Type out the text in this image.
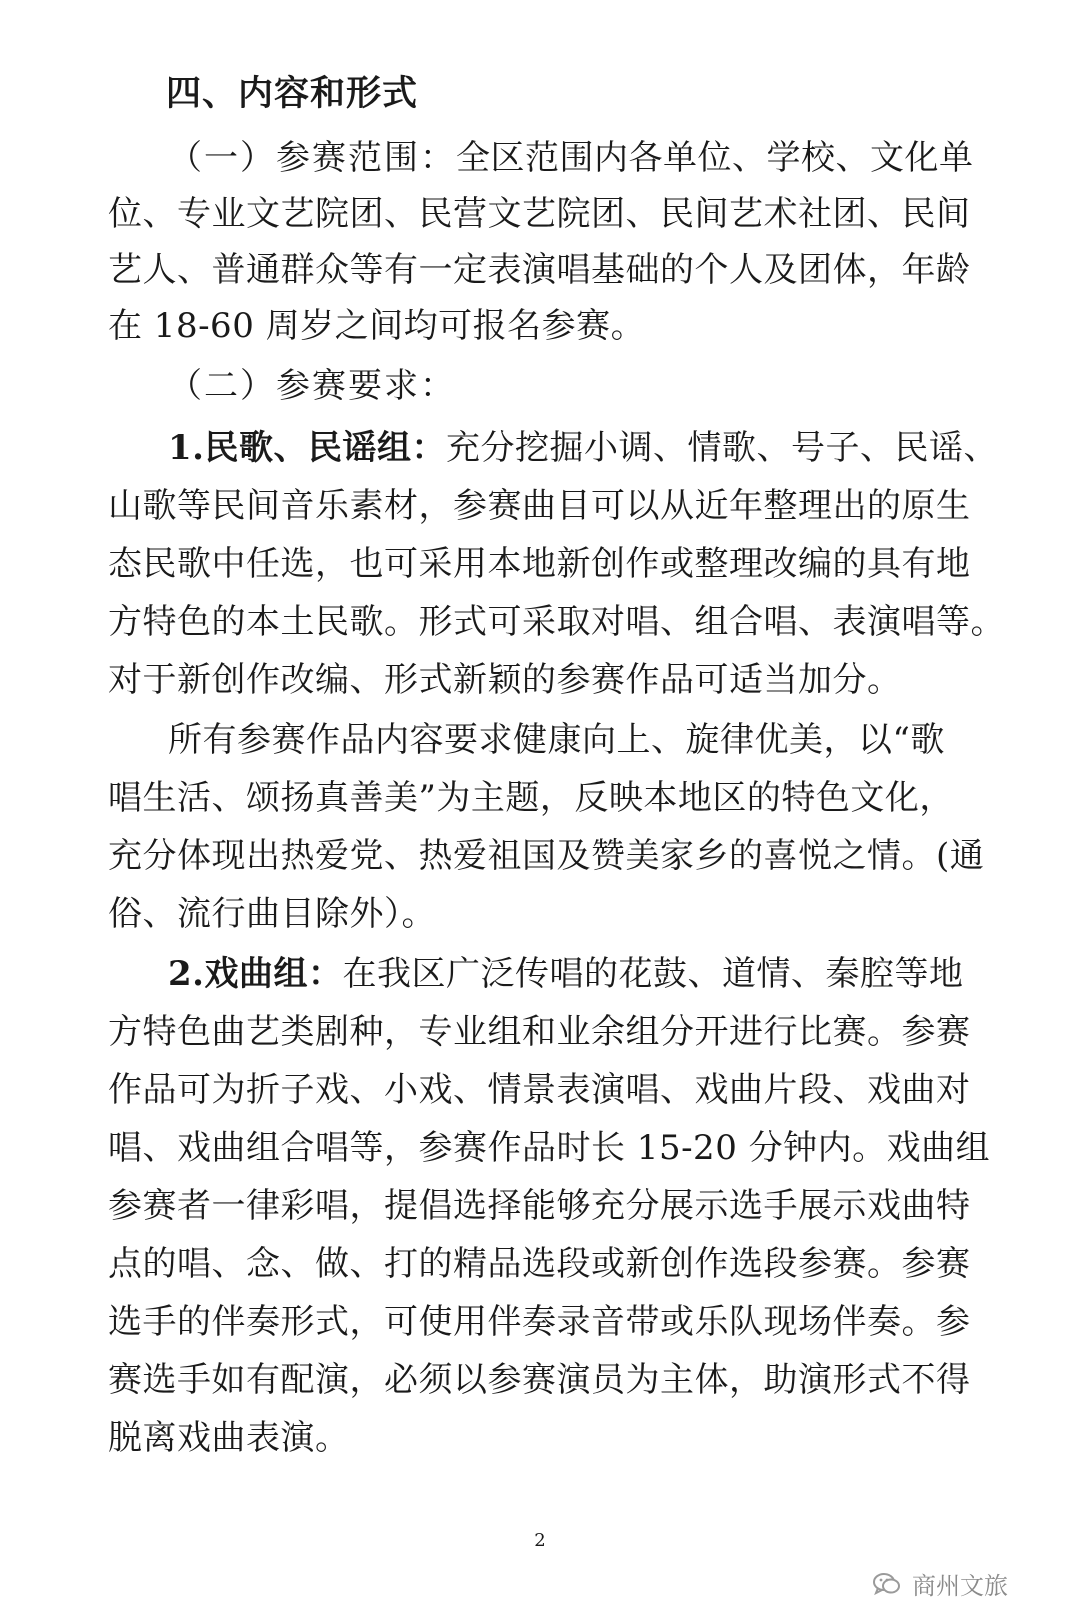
四、内容和形式
（一）参赛范围：全区范围内各单位、学校、文化单
位、专业文艺院团、民营文艺院团、民间艺术社团、民间
艺人、普通群众等有一定表演唱基础的个人及团体，年龄
在 18-60 周岁之间均可报名参赛。
（二）参赛要求：
1.民歌、民谣组：充分挖掘小调、情歌、号子、民谣、
山歌等民间音乐素材，参赛曲目可以从近年整理出的原生
态民歌中任选，也可采用本地新创作或整理改编的具有地
方特色的本土民歌。形式可采取对唱、组合唱、表演唱等。
对于新创作改编、形式新颖的参赛作品可适当加分。
所有参赛作品内容要求健康向上、旋律优美，以“歌
唱生活、颂扬真善美”为主题，反映本地区的特色文化，
充分体现出热爱党、热爱祖国及赞美家乡的喜悦之情。(通
俗、流行曲目除外）。
2.戏曲组：在我区广泛传唱的花鼓、道情、秦腔等地
方特色曲艺类剧种，专业组和业余组分开进行比赛。参赛
作品可为折子戏、小戏、情景表演唱、戏曲片段、戏曲对
唱、戏曲组合唱等，参赛作品时长 15-20 分钟内。戏曲组
参赛者一律彩唱，提倡选择能够充分展示选手展示戏曲特
点的唱、念、做、打的精品选段或新创作选段参赛。参赛
选手的伴奏形式，可使用伴奏录音带或乐队现场伴奏。参
赛选手如有配演，必须以参赛演员为主体，助演形式不得
脱离戏曲表演。
2
商州文旅
